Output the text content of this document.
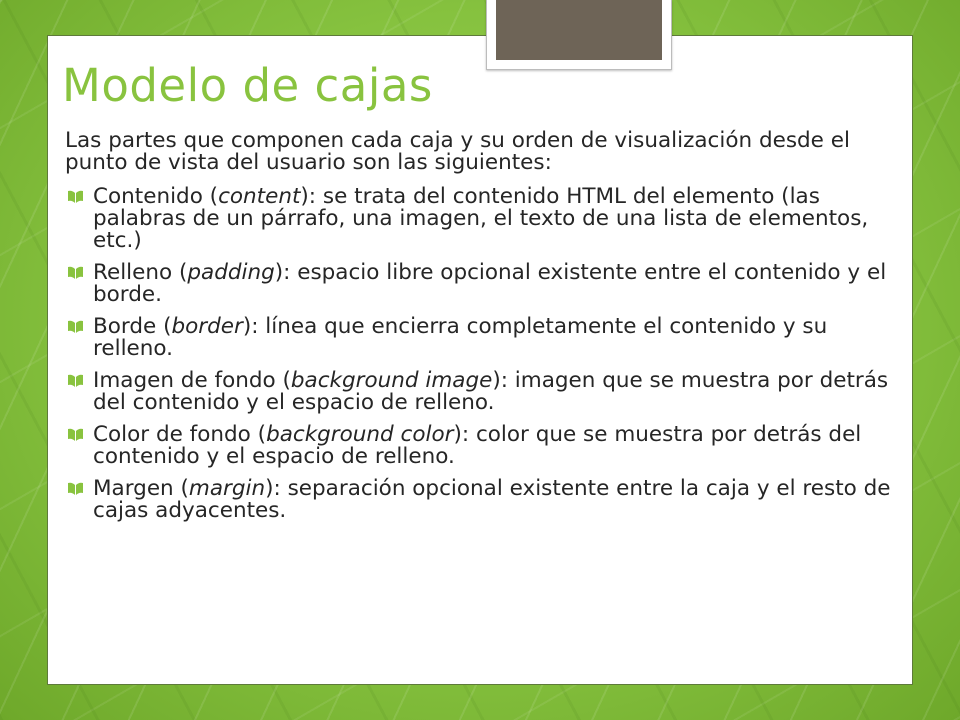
Modelo de cajas

Las partes que componen cada caja y su orden de visualización desde el punto de vista del usuario son las siguientes:

Contenido (content): se trata del contenido HTML del elemento (las palabras de un párrafo, una imagen, el texto de una lista de elementos, etc.)
Relleno (padding): espacio libre opcional existente entre el contenido y el borde.
Borde (border): línea que encierra completamente el contenido y su relleno.
Imagen de fondo (background image): imagen que se muestra por detrás del contenido y el espacio de relleno.
Color de fondo (background color): color que se muestra por detrás del contenido y el espacio de relleno.
Margen (margin): separación opcional existente entre la caja y el resto de cajas adyacentes.
